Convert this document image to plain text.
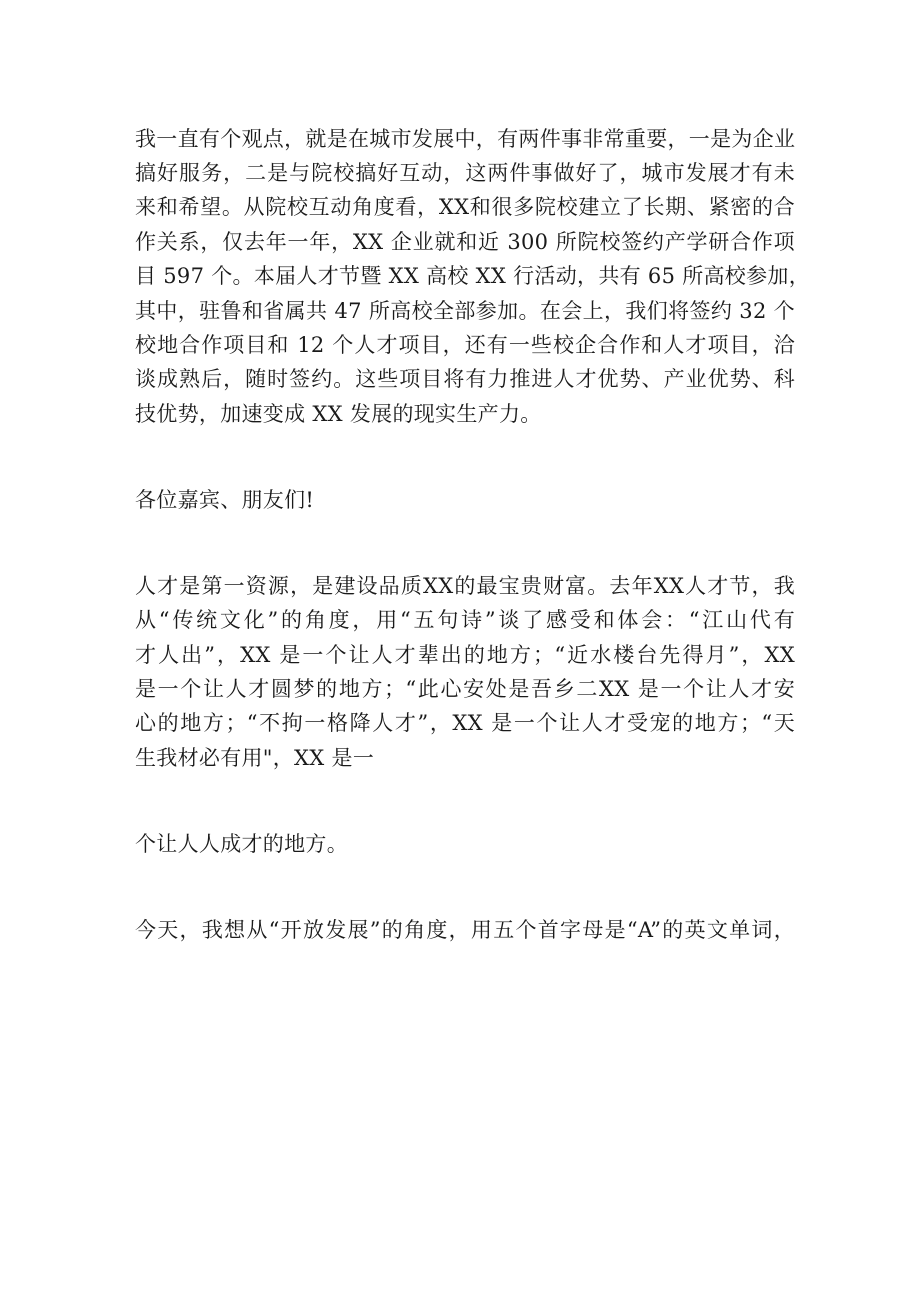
我一直有个观点，就是在城市发展中，有两件事非常重要，一是为企业
搞好服务，二是与院校搞好互动，这两件事做好了，城市发展才有未
来和希望。从院校互动角度看，XX和很多院校建立了长期、紧密的合
作关系，仅去年一年，XX 企业就和近 300 所院校签约产学研合作项
目 597 个。本届人才节暨 XX 高校 XX 行活动，共有 65 所高校参加，
其中，驻鲁和省属共 47 所高校全部参加。在会上，我们将签约 32 个
校地合作项目和 12 个人才项目，还有一些校企合作和人才项目，洽
谈成熟后，随时签约。这些项目将有力推进人才优势、产业优势、科
技优势，加速变成 XX 发展的现实生产力。
各位嘉宾、朋友们!
人才是第一资源，是建设品质XX的最宝贵财富。去年XX人才节，我
从“传统文化”的角度，用“五句诗”谈了感受和体会：“江山代有
才人出”，XX 是一个让人才辈出的地方；“近水楼台先得月”，XX
是一个让人才圆梦的地方；“此心安处是吾乡二XX 是一个让人才安
心的地方；“不拘一格降人才”，XX 是一个让人才受宠的地方；“天
生我材必有用"，XX 是一
个让人人成才的地方。
今天，我想从“开放发展”的角度，用五个首字母是“A”的英文单词，
